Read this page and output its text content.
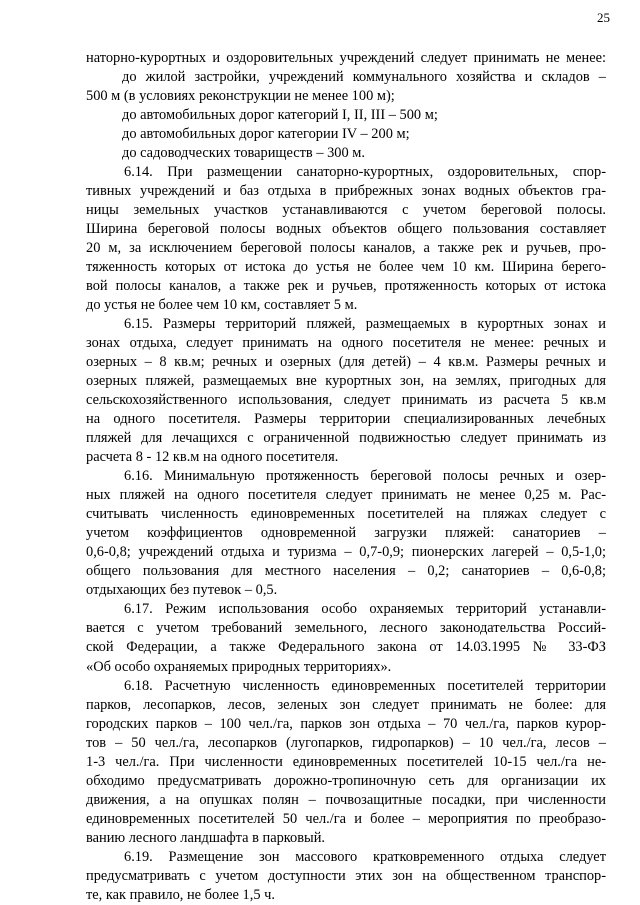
25
наторно-курортных и оздоровительных учреждений следует принимать не менее:
до жилой застройки, учреждений коммунального хозяйства и складов –
500 м (в условиях реконструкции не менее 100 м);
до автомобильных дорог категорий I, II, III – 500 м;
до автомобильных дорог категории IV – 200 м;
до садоводческих товариществ – 300 м.
6.14. При размещении санаторно-курортных, оздоровительных, спор-
тивных учреждений и баз отдыха в прибрежных зонах водных объектов гра-
ницы земельных участков устанавливаются с учетом береговой полосы.
Ширина береговой полосы водных объектов общего пользования составляет
20 м, за исключением береговой полосы каналов, а также рек и ручьев, про-
тяженность которых от истока до устья не более чем 10 км. Ширина берего-
вой полосы каналов, а также рек и ручьев, протяженность которых от истока
до устья не более чем 10 км, составляет 5 м.
6.15. Размеры территорий пляжей, размещаемых в курортных зонах и
зонах отдыха, следует принимать на одного посетителя не менее: речных и
озерных – 8 кв.м; речных и озерных (для детей) – 4 кв.м. Размеры речных и
озерных пляжей, размещаемых вне курортных зон, на землях, пригодных для
сельскохозяйственного использования, следует принимать из расчета 5 кв.м
на одного посетителя. Размеры территории специализированных лечебных
пляжей для лечащихся с ограниченной подвижностью следует принимать из
расчета 8 - 12 кв.м на одного посетителя.
6.16. Минимальную протяженность береговой полосы речных и озер-
ных пляжей на одного посетителя следует принимать не менее 0,25 м. Рас-
считывать численность единовременных посетителей на пляжах следует с
учетом коэффициентов одновременной загрузки пляжей: санаториев –
0,6-0,8; учреждений отдыха и туризма – 0,7-0,9; пионерских лагерей – 0,5-1,0;
общего пользования для местного населения – 0,2; санаториев – 0,6-0,8;
отдыхающих без путевок – 0,5.
6.17. Режим использования особо охраняемых территорий устанавли-
вается с учетом требований земельного, лесного законодательства Россий-
ской Федерации, а также Федерального закона от 14.03.1995 № 33-ФЗ
«Об особо охраняемых природных территориях».
6.18. Расчетную численность единовременных посетителей территории
парков, лесопарков, лесов, зеленых зон следует принимать не более: для
городских парков – 100 чел./га, парков зон отдыха – 70 чел./га, парков курор-
тов – 50 чел./га, лесопарков (лугопарков, гидропарков) – 10 чел./га, лесов –
1-3 чел./га. При численности единовременных посетителей 10-15 чел./га не-
обходимо предусматривать дорожно-тропиночную сеть для организации их
движения, а на опушках полян – почвозащитные посадки, при численности
единовременных посетителей 50 чел./га и более – мероприятия по преобразо-
ванию лесного ландшафта в парковый.
6.19. Размещение зон массового кратковременного отдыха следует
предусматривать с учетом доступности этих зон на общественном транспор-
те, как правило, не более 1,5 ч.
